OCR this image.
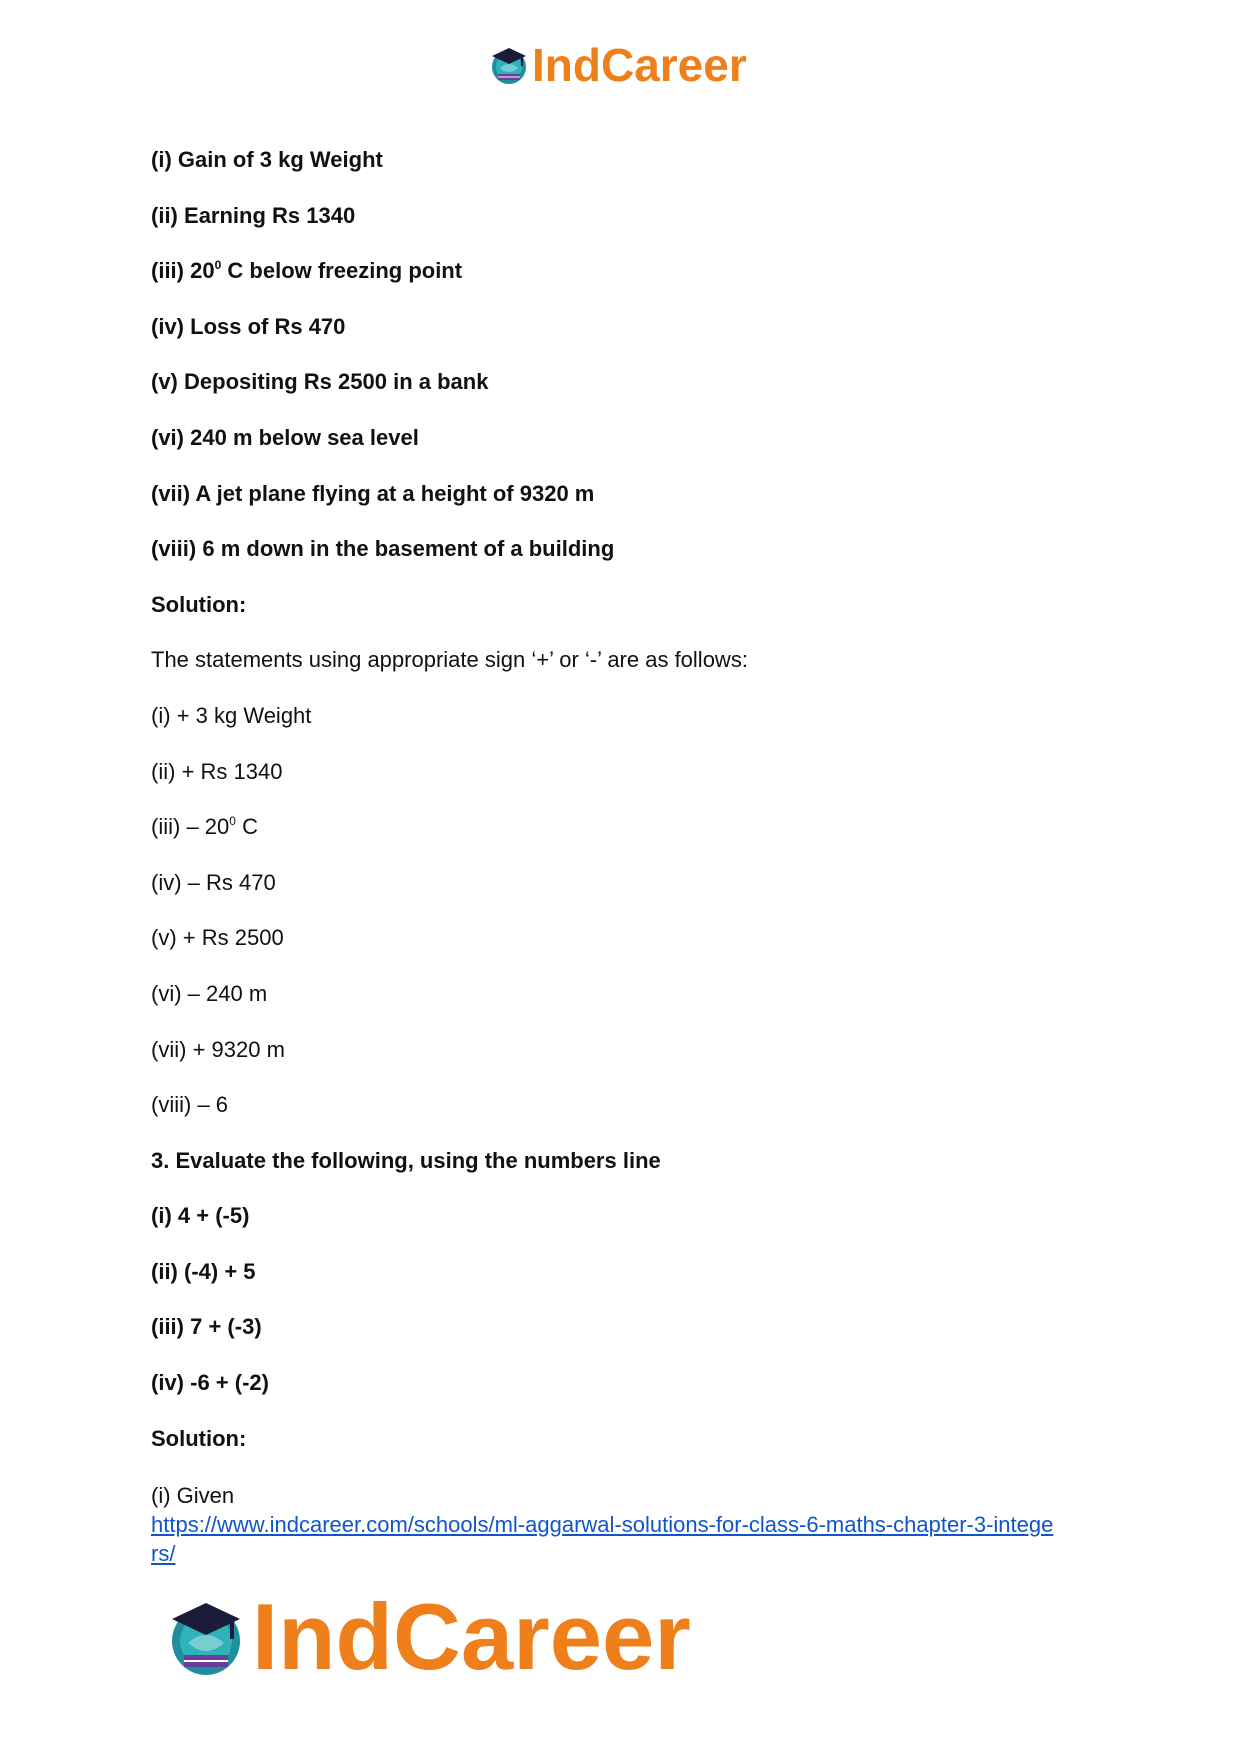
IndCareer
(i) Gain of 3 kg Weight
(ii) Earning Rs 1340
(iii) $20^0$ C below freezing point
(iv) Loss of Rs 470
(v) Depositing Rs 2500 in a bank
(vi) 240 m below sea level
(vii) A jet plane flying at a height of 9320 m
(viii) 6 m down in the basement of a building
Solution:
The statements using appropriate sign ‘+’ or ‘-’ are as follows:
(i) + 3 kg Weight
(ii) + Rs 1340
$(iii) - 20^0$ C
(iv) – Rs 470
(v) + Rs 2500
(vi) – 240 m
(vii) + 9320 m
(viii) – 6
3. Evaluate the following, using the numbers line
(i) 4 + (-5)
(ii) (-4) + 5
(iii) 7 + (-3)
(iv) -6 + (-2)
Solution:
(i) Given
https://www.indcareer.com/schools/ml-aggarwal-solutions-for-class-6-maths-chapter-3-intege
rs/
IndCareer
